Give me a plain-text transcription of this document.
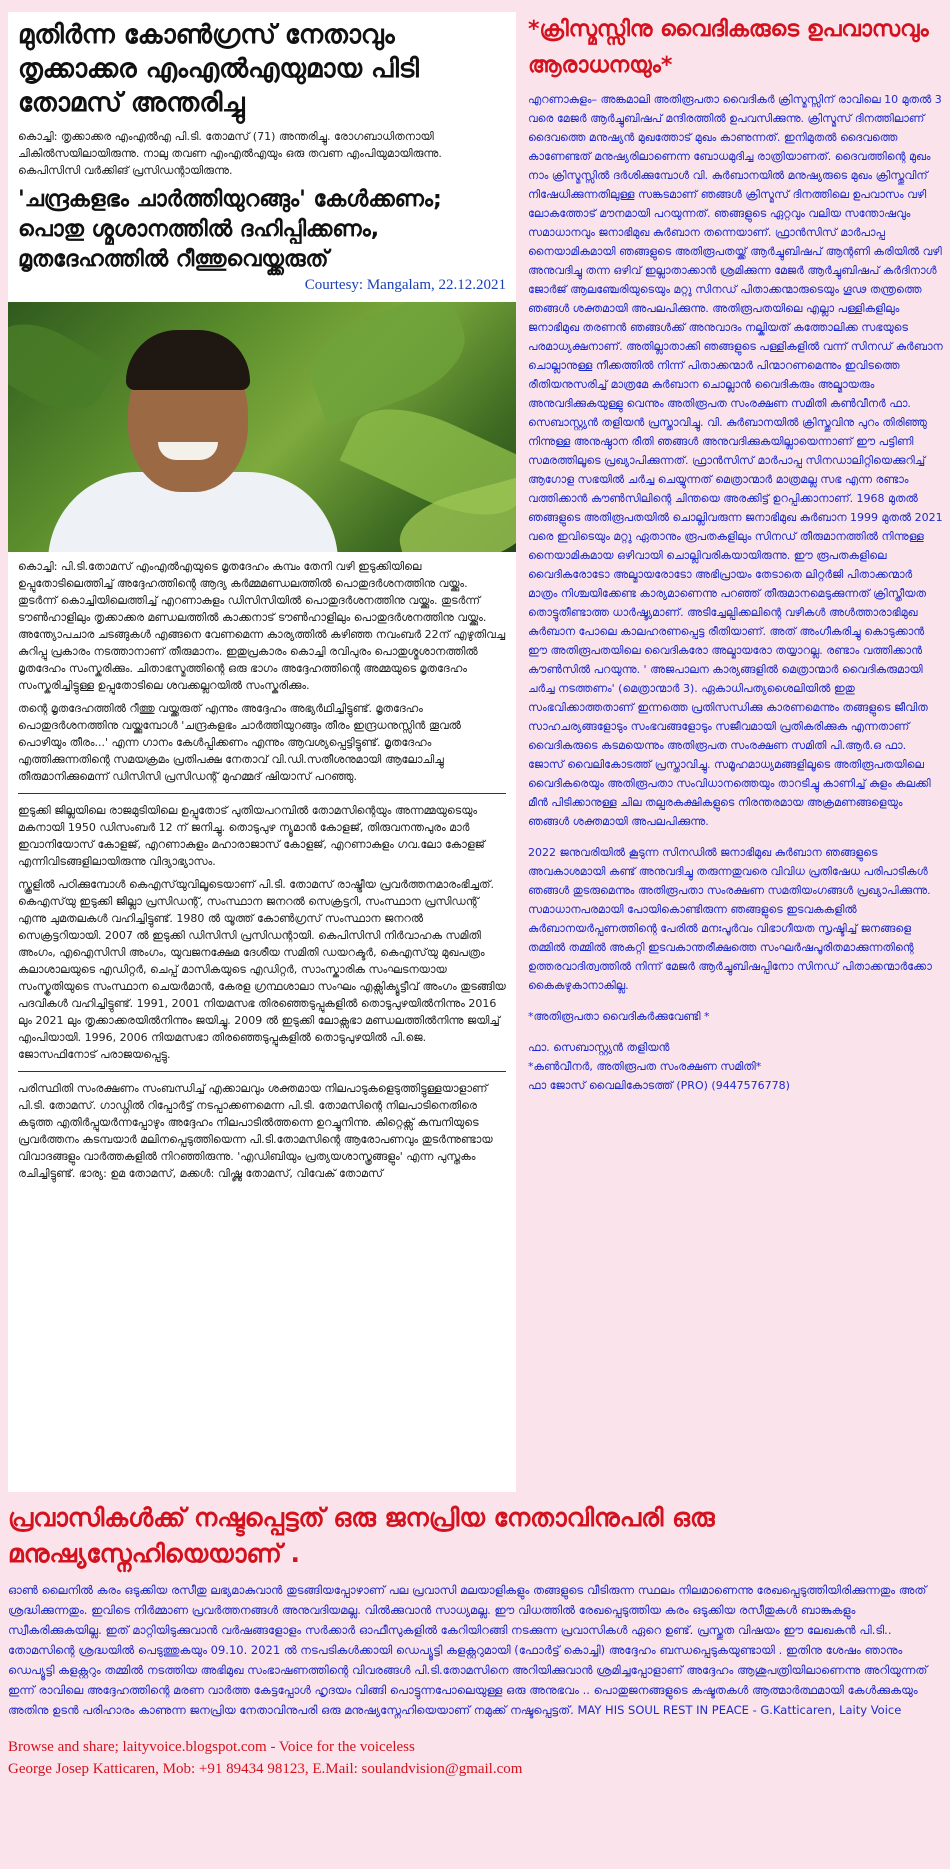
മുതിർന്ന കോൺഗ്രസ് നേതാവും തൃക്കാക്കര എംഎൽഎയുമായ പിടി തോമസ് അന്തരിച്ചു

കൊച്ചി: തൃക്കാക്കര എംഎൽഎ പി.ടി. തോമസ് (71) അന്തരിച്ചു. രോഗബാധിതനായി ചികിൽസയിലായിരുന്നു. നാലു തവണ എംഎൽഎയും ഒരു തവണ എംപിയുമായിരുന്നു. കെപിസിസി വർക്കിങ് പ്രസിഡന്റായിരുന്നു.

'ചന്ദ്രകളഭം ചാർത്തിയുറങ്ങും' കേൾക്കണം; പൊതു ശ്മശാനത്തിൽ ദഹിപ്പിക്കണം, മൃതദേഹത്തിൽ റീത്തുവെയ്ക്കരുത്
Courtesy: Mangalam, 22.12.2021

കൊച്ചി: പി.ടി.തോമസ് എംഎൽഎയുടെ മൃതദേഹം കമ്പം തേനി വഴി ഇടുക്കിയിലെ ഉപ്പുതോടിലെത്തിച്ച് അദ്ദേഹത്തിന്റെ ആദ്യ കർമ്മമണ്ഡലത്തിൽ പൊതുദർശനത്തിനു വയ്ക്കും. തുടർന്ന് കൊച്ചിയിലെത്തിച്ച് എറണാകുളം ഡിസിസിയിൽ പൊതുദർശനത്തിനു വയ്ക്കും. തുടർന്ന് ടൗൺഹാളിലും തൃക്കാക്കര മണ്ഡലത്തിൽ കാക്കനാട് ടൗൺഹാളിലും പൊതുദർശനത്തിനു വയ്ക്കും. അന്ത്യോപചാര ചടങ്ങുകൾ എങ്ങനെ വേണമെന്ന കാര്യത്തിൽ കഴിഞ്ഞ നവംബർ 22ന് എഴുതിവച്ച കുറിപ്പു പ്രകാരം നടത്താനാണ് തീരുമാനം. ഇതുപ്രകാരം കൊച്ചി രവിപുരം പൊതുശ്മശാനത്തിൽ മൃതദേഹം സംസ്കരിക്കും. ചിതാഭസ്മത്തിന്റെ ഒരു ഭാഗം അദ്ദേഹത്തിന്റെ അമ്മയുടെ മൃതദേഹം സംസ്കരിച്ചിട്ടുള്ള ഉപ്പുതോടിലെ ശവക്കല്ലറയിൽ സംസ്കരിക്കും.

തന്റെ മൃതദേഹത്തിൽ റീത്തു വയ്ക്കരുത് എന്നും അദ്ദേഹം അഭ്യർഥിച്ചിട്ടുണ്ട്. മൃതദേഹം പൊതുദർശനത്തിനു വയ്ക്കുമ്പോൾ 'ചന്ദ്രകളഭം ചാർത്തിയുറങ്ങും തീരം ഇന്ദ്രധനുസ്സിൻ തൂവൽ പൊഴിയും തീരം...' എന്ന ഗാനം കേൾപ്പിക്കണം എന്നും ആവശ്യപ്പെട്ടിട്ടുണ്ട്. മൃതദേഹം എത്തിക്കുന്നതിന്റെ സമയക്രമം പ്രതിപക്ഷ നേതാവ് വി.ഡി.സതീശനുമായി ആലോചിച്ചു തീരുമാനിക്കുമെന്ന് ഡിസിസി പ്രസിഡന്റ് മുഹമ്മദ് ഷിയാസ് പറഞ്ഞു.

ഇടുക്കി ജില്ലയിലെ രാജമുടിയിലെ ഉപ്പുതോട് പുതിയപറമ്പിൽ തോമസിന്റെയും അന്നമ്മയുടെയും മകനായി 1950 ഡിസംബർ 12 ന് ജനിച്ചു. തൊടുപുഴ ന്യൂമാൻ കോളജ്, തിരുവനന്തപുരം മാർ ഇവാനിയോസ് കോളജ്, എറണാകുളം മഹാരാജാസ് കോളജ്, എറണാകുളം ഗവ.ലോ കോളജ് എന്നിവിടങ്ങളിലായിരുന്നു വിദ്യാഭ്യാസം.

സ്കൂളിൽ പഠിക്കുമ്പോൾ കെഎസ്‌യുവിലൂടെയാണ് പി.ടി. തോമസ് രാഷ്ട്രീയ പ്രവർത്തനമാരംഭിച്ചത്. കെഎസ്‌യു ഇടുക്കി ജില്ലാ പ്രസിഡന്റ്, സംസ്ഥാന ജനറൽ സെക്രട്ടറി, സംസ്ഥാന പ്രസിഡന്റ് എന്നു ചുമതലകൾ വഹിച്ചിട്ടുണ്ട്. 1980 ൽ യൂത്ത് കോൺഗ്രസ് സംസ്ഥാന ജനറൽ സെക്രട്ടറിയായി. 2007 ൽ ഇടുക്കി ഡിസിസി പ്രസിഡന്റായി. കെപിസിസി നിർവാഹക സമിതി അംഗം, എഐസിസി അംഗം, യുവജനക്ഷേമ ദേശീയ സമിതി ഡയറക്ടർ, കെഎസ്‌യു മുഖപത്രം കലാശാലയുടെ എഡിറ്റർ, ചെപ്പ് മാസികയുടെ എഡിറ്റർ, സാംസ്കാരിക സംഘടനയായ സംസ്കൃതിയുടെ സംസ്ഥാന ചെയർമാൻ, കേരള ഗ്രന്ഥശാലാ സംഘം എക്സിക്യൂട്ടീവ് അംഗം തുടങ്ങിയ പദവികൾ വഹിച്ചിട്ടുണ്ട്. 1991, 2001 നിയമസഭ തിരഞ്ഞെടുപ്പുകളിൽ തൊടുപുഴയിൽനിന്നും 2016 ലും 2021 ലും തൃക്കാക്കരയിൽനിന്നും ജയിച്ചു. 2009 ൽ ഇടുക്കി ലോക്സഭാ മണ്ഡലത്തിൽനിന്നു ജയിച്ച് എംപിയായി. 1996, 2006 നിയമസഭാ തിരഞ്ഞെടുപ്പുകളിൽ തൊടുപുഴയിൽ പി.ജെ. ജോസഫിനോട് പരാജയപ്പെട്ടു.

പരിസ്ഥിതി സംരക്ഷണം സംബന്ധിച്ച് എക്കാലവും ശക്തമായ നിലപാടുകളെടുത്തിട്ടുള്ളയാളാണ് പി.ടി. തോമസ്. ഗാഡ്ഗിൽ റിപ്പോർട്ട് നടപ്പാക്കണമെന്ന പി.ടി. തോമസിന്റെ നിലപാടിനെതിരെ കടുത്ത എതിർപ്പുയർന്നപ്പോഴും അദ്ദേഹം നിലപാടിൽത്തന്നെ ഉറച്ചുനിന്നു. കിറ്റെക്സ് കമ്പനിയുടെ പ്രവർത്തനം കടമ്പയാർ മലിനപ്പെടുത്തിയെന്ന പി.ടി.തോമസിന്റെ ആരോപണവും തുടർന്നുണ്ടായ വിവാദങ്ങളും വാർത്തകളിൽ നിറഞ്ഞിരുന്നു. 'എഡിബിയും പ്രത്യയശാസ്ത്രങ്ങളും' എന്ന പുസ്തകം രചിച്ചിട്ടുണ്ട്. ഭാര്യ: ഉമ തോമസ്, മക്കൾ: വിഷ്ണു തോമസ്, വിവേക് തോമസ്

*ക്രിസ്മസ്സിനു വൈദികരുടെ ഉപവാസവും ആരാധനയും*

എറണാകുളം– അങ്കമാലി അതിരൂപതാ വൈദികർ ക്രിസ്മസ്സിന് രാവിലെ 10 മുതൽ 3 വരെ മേജർ ആർച്ചുബിഷപ് മന്ദിരത്തിൽ ഉപവസിക്കുന്നു. ക്രിസ്മസ് ദിനത്തിലാണ് ദൈവത്തെ മനുഷ്യൻ മുഖത്തോട് മുഖം കാണുന്നത്. ഇനിമുതൽ ദൈവത്തെ കാണേണ്ടത് മനുഷ്യരിലാണെന്ന ബോധമുദിച്ച രാത്രിയാണത്. ദൈവത്തിന്റെ മുഖം നാം ക്രിസ്മസ്സിൽ ദർശിക്കുമ്പോൾ വി. കുർബാനയിൽ മനുഷ്യരുടെ മുഖം ക്രിസ്തുവിന് നിഷേധിക്കുന്നതിലുള്ള സങ്കടമാണ് ഞങ്ങൾ ക്രിസ്മസ് ദിനത്തിലെ ഉപവാസം വഴി ലോകത്തോട് മൗനമായി പറയുന്നത്. ഞങ്ങളുടെ ഏറ്റവും വലിയ സന്തോഷവും സമാധാനവും ജനാഭിമുഖ കുർബാന തന്നെയാണ്. ഫ്രാൻസിസ് മാർപാപ്പ നൈയാമികമായി ഞങ്ങളുടെ അതിരൂപതയ്ക്ക് ആർച്ചുബിഷപ് ആന്റണി കരിയിൽ വഴി അനുവദിച്ചു തന്ന ഒഴിവ് ഇല്ലാതാക്കാൻ ശ്രമിക്കുന്ന മേജർ ആർച്ചുബിഷപ് കർദിനാൾ ജോർജ് ആലഞ്ചേരിയുടെയും മറ്റു സിനഡ് പിതാക്കന്മാരുടെയും ഗൂഢ തന്ത്രത്തെ ഞങ്ങൾ ശക്തമായി അപലപിക്കുന്നു. അതിരൂപതയിലെ എല്ലാ പള്ളികളിലും ജനാഭിമുഖ തരണൻ ഞങ്ങൾക്ക് അനുവാദം നല്കിയത് കത്തോലിക്ക സഭയുടെ പരമാധ്യക്ഷനാണ്. അതില്ലാതാക്കി ഞങ്ങളുടെ പള്ളികളിൽ വന്ന് സിനഡ് കുർബാന ചൊല്ലാനുള്ള നീക്കത്തിൽ നിന്ന് പിതാക്കന്മാർ പിന്മാറണമെന്നും ഇവിടത്തെ രീതിയനുസരിച്ച് മാത്രമേ കുർബാന ചൊല്ലാൻ വൈദികരും അല്മായരും അനുവദിക്കുകയുള്ളു വെന്നും അതിരൂപത സംരക്ഷണ സമിതി കൺവീനർ ഫാ. സെബാസ്റ്റ്യൻ തളിയൻ പ്രസ്താവിച്ചു. വി. കുർബാനയിൽ ക്രിസ്തുവിനു പുറം തിരിഞ്ഞു നിന്നുള്ള അനുഷ്ഠാന രീതി ഞങ്ങൾ അനുവദിക്കുകയില്ലായെന്നാണ് ഈ പട്ടിണി സമരത്തിലൂടെ പ്രഖ്യാപിക്കുന്നത്. ഫ്രാൻസിസ് മാർപാപ്പ സിനഡാലിറ്റിയെക്കുറിച്ച് ആഗോള സഭയിൽ ചർച്ച ചെയ്യുന്നത് മെത്രാന്മാർ മാത്രമല്ല സഭ എന്ന രണ്ടാം വത്തിക്കാൻ കൗൺസിലിന്റെ ചിന്തയെ അരക്കിട്ട് ഉറപ്പിക്കാനാണ്. 1968 മുതൽ ഞങ്ങളുടെ അതിരൂപതയിൽ ചൊല്ലിവരുന്ന ജനാഭിമുഖ കുർബാന 1999 മുതൽ 2021 വരെ ഇവിടെയും മറ്റു ഏതാനും രൂപതകളിലും സിനഡ് തീരുമാനത്തിൽ നിന്നുള്ള നൈയാമികമായ ഒഴിവായി ചൊല്ലിവരികയായിരുന്നു. ഈ രൂപതകളിലെ വൈദികരോടോ അല്മായരോടോ അഭിപ്രായം തേടാതെ ലിറ്റർജി പിതാക്കന്മാർ മാത്രം നിശ്ചയിക്കേണ്ട കാര്യമാണെന്നു പറഞ്ഞ് തീരുമാനമെടുക്കുന്നത് ക്രിസ്തീയത തൊട്ടുതീണ്ടാത്ത ധാർഷ്ട്യമാണ്. അടിച്ചേല്പിക്കലിന്റെ വഴികൾ അൾത്താരാഭിമുഖ കുർബാന പോലെ കാലഹരണപ്പെട്ട രീതിയാണ്. അത് അംഗീകരിച്ചു കൊടുക്കാൻ ഈ അതിരൂപതയിലെ വൈദികരോ അല്മായരോ തയ്യാറല്ല. രണ്ടാം വത്തിക്കാൻ കൗൺസിൽ പറയുന്നു. ' അജപാലന കാര്യങ്ങളിൽ മെത്രാന്മാർ വൈദികരുമായി ചർച്ച നടത്തണം' (മെത്രാന്മാർ 3). ഏകാധിപത്യശൈലിയിൽ ഇതു സംഭവിക്കാത്തതാണ് ഇന്നത്തെ പ്രതിസന്ധിക്കു കാരണമെന്നും തങ്ങളുടെ ജീവിത സാഹചര്യങ്ങളോടും സംഭവങ്ങളോടും സജീവമായി പ്രതികരിക്കുക എന്നതാണ് വൈദികരുടെ കടമയെന്നും അതിരൂപത സംരക്ഷണ സമിതി പി.ആർ.ഒ ഫാ. ജോസ് വൈലികോടത്ത് പ്രസ്താവിച്ചു. സമൂഹമാധ്യമങ്ങളിലൂടെ അതിരൂപതയിലെ വൈദികരെയും അതിരൂപതാ സംവിധാനത്തെയും താറടിച്ചു കാണിച്ച് കുളം കലക്കി മീൻ പിടിക്കാനുള്ള ചില തല്പരകക്ഷികളുടെ നിരന്തരമായ അക്രമണങ്ങളെയും ഞങ്ങൾ ശക്തമായി അപലപിക്കുന്നു.

2022 ജനുവരിയിൽ കൂടുന്ന സിനഡിൽ ജനാഭിമുഖ കുർബാന ഞങ്ങളുടെ അവകാശമായി കണ്ട് അനുവദിച്ചു തരുന്നതുവരെ വിവിധ പ്രതിഷേധ പരിപാടികൾ ഞങ്ങൾ തുടരുമെന്നും അതിരൂപതാ സംരക്ഷണ സമതിയംഗങ്ങൾ പ്രഖ്യാപിക്കുന്നു. സമാധാനപരമായി പോയികൊണ്ടിരുന്ന ഞങ്ങളുടെ ഇടവകകളിൽ കുർബാനയർപ്പണത്തിന്റെ പേരിൽ മനഃപൂർവം വിഭാഗീയത സൃഷ്ടിച്ച് ജനങ്ങളെ തമ്മിൽ തമ്മിൽ അകറ്റി ഇടവകാന്തരീക്ഷത്തെ സംഘർഷപൂരിതമാക്കുന്നതിന്റെ ഉത്തരവാദിത്വത്തിൽ നിന്ന് മേജർ ആർച്ചുബിഷപ്പിനോ സിനഡ് പിതാക്കന്മാർക്കോ കൈകഴുകാനാകില്ല.

*അതിരൂപതാ വൈദികർക്കുവേണ്ടി *

ഫാ. സെബാസ്റ്റ്യൻ തളിയൻ

*കൺവീനർ, അതിരൂപത സംരക്ഷണ സമിതി*

ഫാ ജോസ് വൈലികോടത്ത് (PRO) (9447576778)

പ്രവാസികൾക്ക് നഷ്ടപ്പെട്ടത് ഒരു ജനപ്രിയ നേതാവിനുപരി ഒരു മനുഷ്യസ്നേഹിയെയാണ് .

ഓൺ ലൈനിൽ കരം ഒടുക്കിയ രസീതു ലഭ്യമാകുവാൻ തുടങ്ങിയപ്പോഴാണ് പല പ്രവാസി മലയാളികളും തങ്ങളുടെ വീടിരുന്ന സ്ഥലം നിലമാണെന്നു രേഖപ്പെടുത്തിയിരിക്കുന്നതും അത് ശ്രദ്ധിക്കുന്നതും. ഇവിടെ നിർമ്മാണ പ്രവർത്തനങ്ങൾ അനുവദിയമല്ല. വിൽക്കുവാൻ സാധ്യമല്ല. ഈ വിധത്തിൽ രേഖപ്പെടുത്തിയ കരം ഒടുക്കിയ രസീതുകൾ ബാങ്കുകളും സ്വീകരിക്കുകയില്ല. ഇത് മാറ്റിയിടുക്കുവാൻ വർഷങ്ങളോളം സർക്കാർ ഓഫീസുകളിൽ കേറിയിറങ്ങി നടക്കുന്ന പ്രവാസികൾ ഏറെ ഉണ്ട്. പ്രസ്തുത വിഷയം ഈ ലേഖകൻ പി.ടി.. തോമസിന്റെ ശ്രദ്ധയിൽ പെടുത്തുകയും 09.10. 2021 ൽ നടപടികൾക്കായി ഡെപ്യൂട്ടി കളക്റ്ററുമായി (ഫോർട്ട് കൊച്ചി) അദ്ദേഹം ബന്ധപ്പെടുകയുണ്ടായി . ഇതിനു ശേഷം ഞാനും ഡെപ്യൂട്ടി കളക്റ്ററും തമ്മിൽ നടത്തിയ അഭിമുഖ സംഭാഷണത്തിന്റെ വിവരങ്ങൾ പി.ടി.തോമസിനെ അറിയിക്കുവാൻ ശ്രമിച്ചപ്പോളാണ് അദ്ദേഹം ആശുപത്രിയിലാണെന്നു അറിയുന്നത് ഇന്ന് രാവിലെ അദ്ദേഹത്തിന്റെ മരണ വാർത്ത കേട്ടപ്പോൾ ഹൃദയം വിങ്ങി പൊട്ടുന്നപോലെയുള്ള ഒരു അനുഭവം .. പൊതുജനങ്ങളുടെ കഷ്ടതകൾ ആത്മാർത്ഥമായി കേൾക്കുകയും അതിനു ഉടൻ പരിഹാരം കാണുന്ന ജനപ്രിയ നേതാവിനുപരി ഒരു മനുഷ്യസ്നേഹിയെയാണ് നമുക്ക് നഷ്ടപ്പെട്ടത്. MAY HIS SOUL REST IN PEACE - G.Katticaren, Laity Voice

Browse and share; laityvoice.blogspot.com - Voice for the voiceless

George Josep Katticaren, Mob: +91 89434 98123, E.Mail: soulandvision@gmail.com
